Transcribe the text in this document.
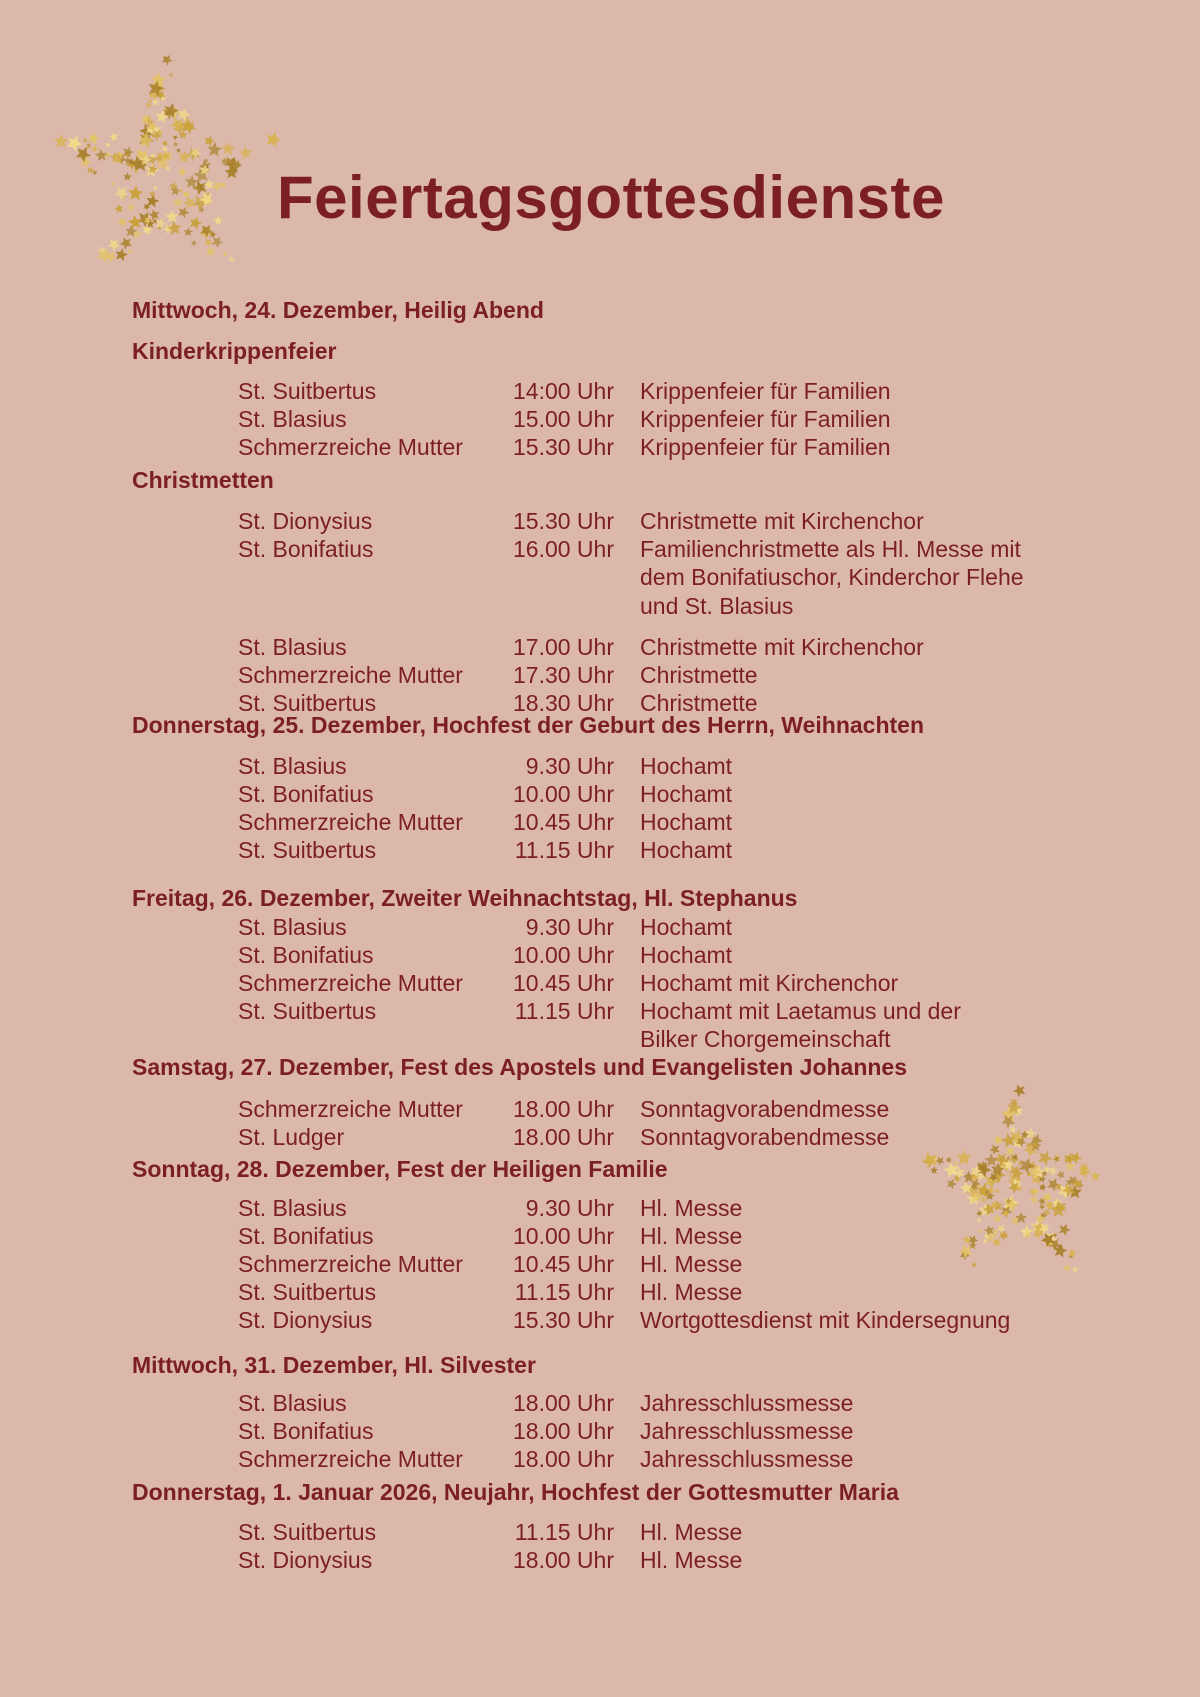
Feiertagsgottesdienste
Mittwoch, 24. Dezember, Heilig Abend
Kinderkrippenfeier
St. Suitbertus	14:00 Uhr Krippenfeier für Familien
St. Blasius	15.00 Uhr Krippenfeier für Familien
Schmerzreiche Mutter	15.30 Uhr Krippenfeier für Familien
Christmetten
St. Dionysius	15.30 Uhr Christmette mit Kirchenchor
St. Bonifatius	16.00 Uhr Familienchristmette als Hl. Messe mit
dem Bonifatiuschor, Kinderchor Flehe
und St. Blasius
St. Blasius	17.00 Uhr Christmette mit Kirchenchor
Schmerzreiche Mutter	17.30 Uhr Christmette
St. Suitbertus	18.30 Uhr Christmette
Donnerstag, 25. Dezember, Hochfest der Geburt des Herrn, Weihnachten
St. Blasius	9.30 Uhr Hochamt
St. Bonifatius	10.00 Uhr Hochamt
Schmerzreiche Mutter	10.45 Uhr Hochamt
St. Suitbertus	11.15 Uhr Hochamt
Freitag, 26. Dezember, Zweiter Weihnachtstag, Hl. Stephanus
St. Blasius	9.30 Uhr Hochamt
St. Bonifatius	10.00 Uhr Hochamt
Schmerzreiche Mutter	10.45 Uhr Hochamt mit Kirchenchor
St. Suitbertus	11.15 Uhr Hochamt mit Laetamus und der
Bilker Chorgemeinschaft
Samstag, 27. Dezember, Fest des Apostels und Evangelisten Johannes
Schmerzreiche Mutter	18.00 Uhr Sonntagvorabendmesse
St. Ludger	18.00 Uhr Sonntagvorabendmesse
Sonntag, 28. Dezember, Fest der Heiligen Familie
St. Blasius	9.30 Uhr Hl. Messe
St. Bonifatius	10.00 Uhr Hl. Messe
Schmerzreiche Mutter	10.45 Uhr Hl. Messe
St. Suitbertus	11.15 Uhr Hl. Messe
St. Dionysius	15.30 Uhr Wortgottesdienst mit Kindersegnung
Mittwoch, 31. Dezember, Hl. Silvester
St. Blasius	18.00 Uhr Jahresschlussmesse
St. Bonifatius	18.00 Uhr Jahresschlussmesse
Schmerzreiche Mutter	18.00 Uhr Jahresschlussmesse
Donnerstag, 1. Januar 2026, Neujahr, Hochfest der Gottesmutter Maria
St. Suitbertus	11.15 Uhr Hl. Messe
St. Dionysius	18.00 Uhr Hl. Messe
